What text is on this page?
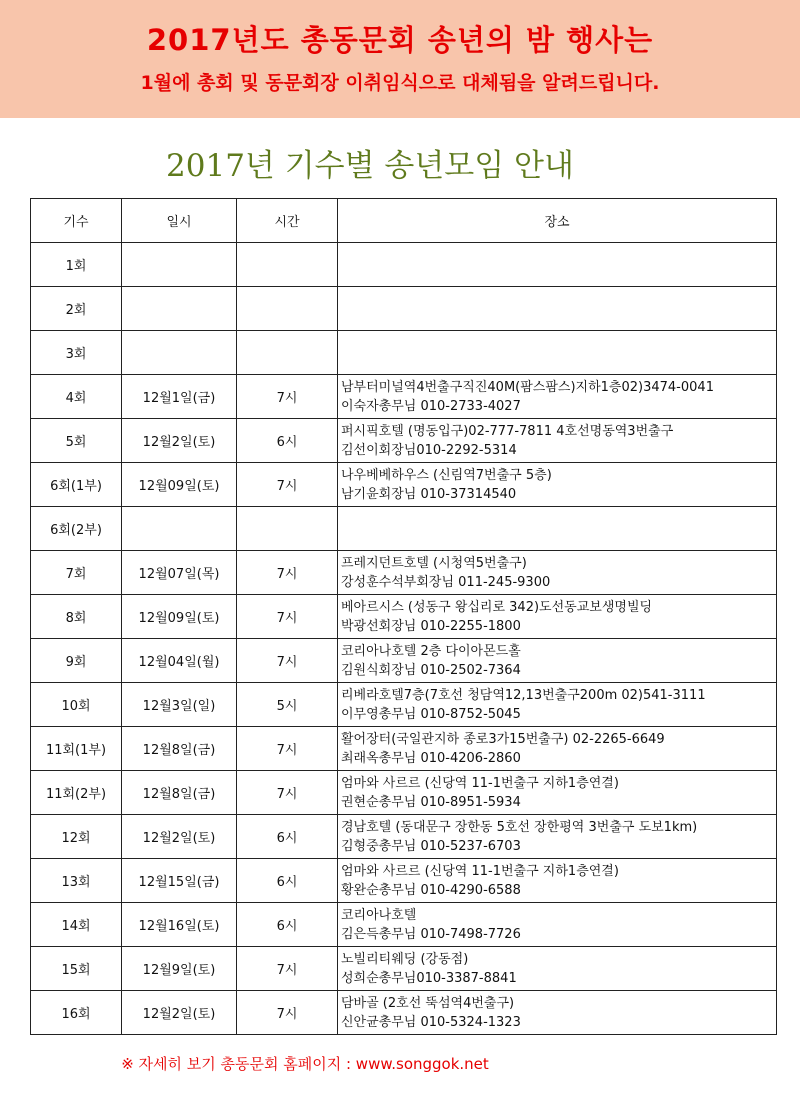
2017년도 총동문회 송년의 밤 행사는
1월에 총회 및 동문회장 이취임식으로 대체됨을 알려드립니다.
2017년 기수별 송년모임 안내
기수	일시	시간	장소
1회			

2회			

3회			

4회	12월1일(금)	7시	남부터미널역4번출구직진40M(팜스팜스)지하1층02)3474-0041
이숙자총무님 010-2733-4027

5회	12월2일(토)	6시	퍼시픽호텔 (명동입구)02-777-7811 4호선명동역3번출구
김선이회장님010-2292-5314

6회(1부)	12월09일(토)	7시	나우베베하우스 (신림역7번출구 5층)
남기윤회장님 010-37314540

6회(2부)			

7회	12월07일(목)	7시	프레지던트호텔 (시청역5번출구)
강성훈수석부회장님 011-245-9300

8회	12월09일(토)	7시	베아르시스 (성동구 왕십리로 342)도선동교보생명빌딩
박광선회장님 010-2255-1800

9회	12월04일(월)	7시	코리아나호텔 2층 다이아몬드홀
김원식회장님 010-2502-7364

10회	12월3일(일)	5시	리베라호텔7층(7호선 청담역12,13번출구200m 02)541-3111
이무영총무님 010-8752-5045

11회(1부)	12월8일(금)	7시	활어장터(국일관지하 종로3가15번출구) 02-2265-6649
최래옥총무님 010-4206-2860

11회(2부)	12월8일(금)	7시	엄마와 사르르 (신당역 11-1번출구 지하1층연결)
권현순총무님 010-8951-5934

12회	12월2일(토)	6시	경남호텔 (동대문구 장한동 5호선 장한평역 3번출구 도보1km)
김형중총무님 010-5237-6703

13회	12월15일(금)	6시	엄마와 사르르 (신당역 11-1번출구 지하1층연결)
황완순총무님 010-4290-6588

14회	12월16일(토)	6시	코리아나호텔
김은득총무님 010-7498-7726

15회	12월9일(토)	7시	노빌리티웨딩 (강동점)
성희순총무님010-3387-8841

16회	12월2일(토)	7시	담바골 (2호선 뚝섬역4번출구)
신안균총무님 010-5324-1323
※ 자세히 보기 총동문회 홈페이지 : www.songgok.net
